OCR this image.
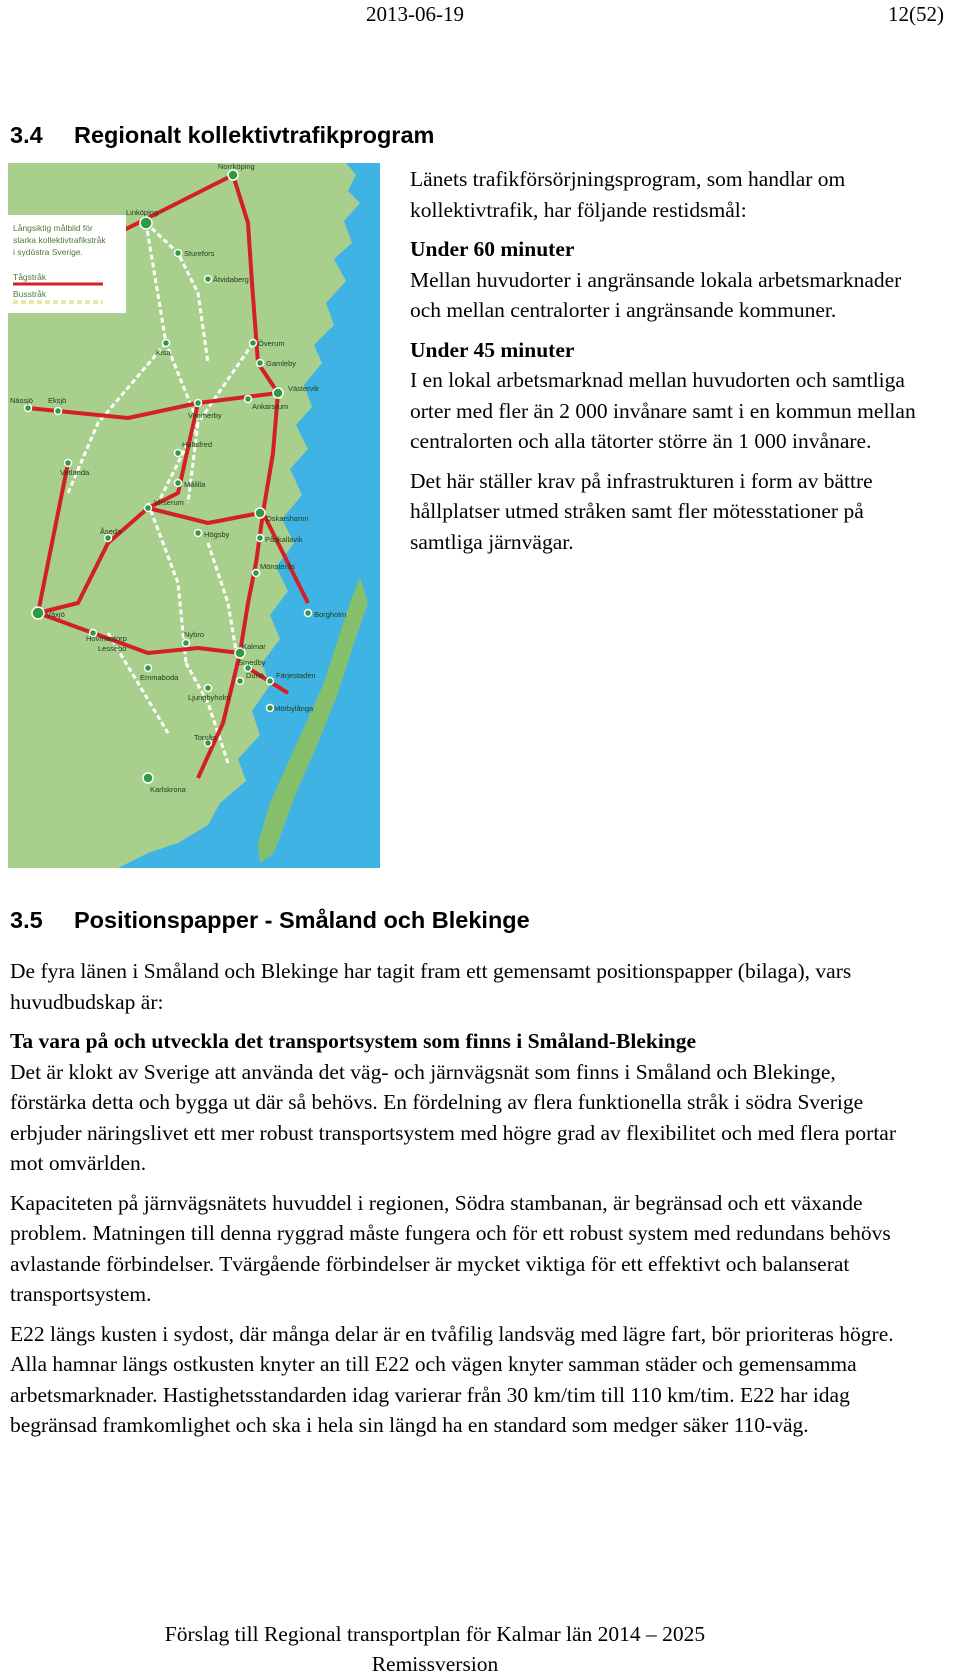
2013-06-19	12(52)
3.4 Regionalt kollektivtrafikprogram
Långsiktig målbild för
starka kollektivtrafikstråk
i sydöstra Sverige.
Tågstråk
Busstråk
Norrköping
Linköping
Sturefors
Åtvidaberg
Kisa
Överum
Gamleby
Västervik
Ankarsrum
Nässjö Eksjö
Vimmerby
Hultsfred
Vetlanda
Målilla
Virserum
Oskarshamn
Åseda	Högsby
Påskallavik
Mönsterås
Växjö	Borgholm
Hovmantorp
Lessebo
Nybro
Kalmar
Smedby
Dunö Färjestaden
Emmaboda
Ljungbyholm
Mörbylånga
Torsås
Karlskrona

Länets trafikförsörjningsprogram, som handlar om kollektivtrafik, har följande restidsmål:

Under 60 minuter
Mellan huvudorter i angränsande lokala arbetsmarknader och mellan centralorter i angränsande kommuner.

Under 45 minuter
I en lokal arbetsmarknad mellan huvudorten och samtliga orter med fler än 2 000 invånare samt i en kommun mellan centralorten och alla tätorter större än 1 000 invånare.

Det här ställer krav på infrastrukturen i form av bättre hållplatser utmed stråken samt fler mötesstationer på samtliga järnvägar.

3.5 Positionspapper - Småland och Blekinge

De fyra länen i Småland och Blekinge har tagit fram ett gemensamt positionspapper (bilaga), vars huvudbudskap är:

Ta vara på och utveckla det transportsystem som finns i Småland-Blekinge
Det är klokt av Sverige att använda det väg- och järnvägsnät som finns i Småland och Blekinge, förstärka detta och bygga ut där så behövs. En fördelning av flera funktionella stråk i södra Sverige erbjuder näringslivet ett mer robust transportsystem med högre grad av flexibilitet och med flera portar mot omvärlden.

Kapaciteten på järnvägsnätets huvuddel i regionen, Södra stambanan, är begränsad och ett växande problem. Matningen till denna ryggrad måste fungera och för ett robust system med redundans behövs avlastande förbindelser. Tvärgående förbindelser är mycket viktiga för ett effektivt och balanserat transportsystem.

E22 längs kusten i sydost, där många delar är en tvåfilig landsväg med lägre fart, bör prioriteras högre. Alla hamnar längs ostkusten knyter an till E22 och vägen knyter samman städer och gemensamma arbetsmarknader. Hastighetsstandarden idag varierar från 30 km/tim till 110 km/tim. E22 har idag begränsad framkomlighet och ska i hela sin längd ha en standard som medger säker 110-väg.

Förslag till Regional transportplan för Kalmar län 2014 – 2025
Remissversion
